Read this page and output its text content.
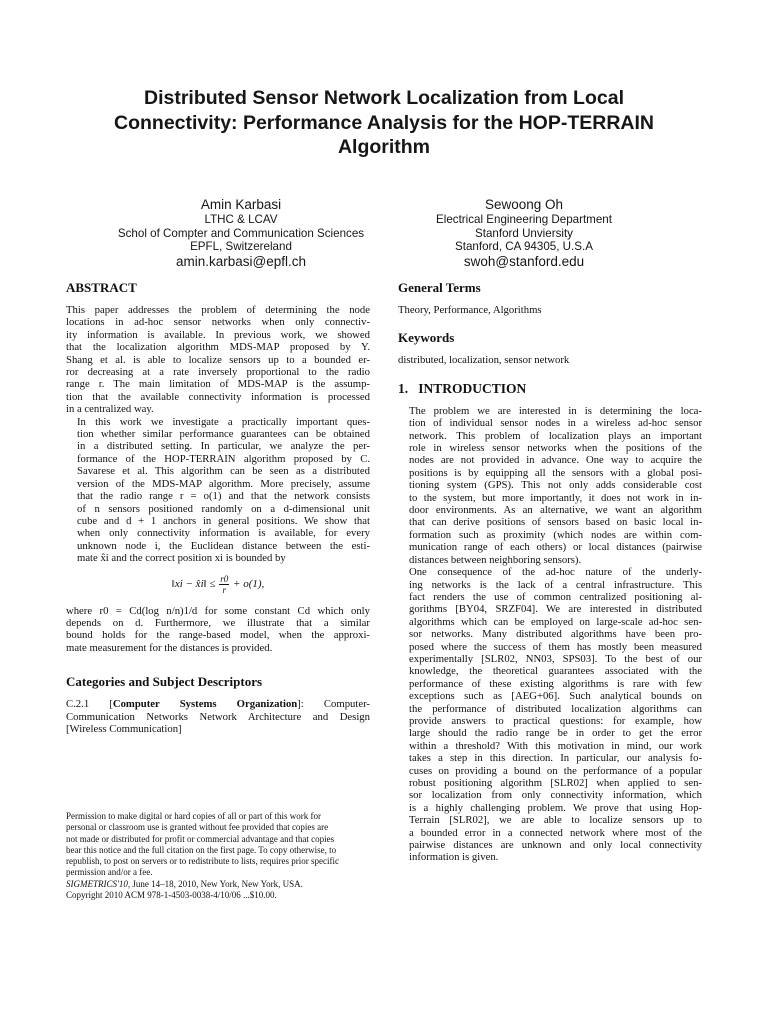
Distributed Sensor Network Localization from Local
Connectivity: Performance Analysis for the HOP-TERRAIN
Algorithm
Amin Karbasi
LTHC & LCAV
Schol of Compter and Communication Sciences
EPFL, Switzereland
amin.karbasi@epfl.ch
Sewoong Oh
Electrical Engineering Department
Stanford Unviersity
Stanford, CA 94305, U.S.A
swoh@stanford.edu
ABSTRACT

This paper addresses the problem of determining the node
locations in ad-hoc sensor networks when only connectiv-
ity information is available. In previous work, we showed
that the localization algorithm MDS-MAP proposed by Y.
Shang et al. is able to localize sensors up to a bounded er-
ror decreasing at a rate inversely proportional to the radio
range r. The main limitation of MDS-MAP is the assump-
tion that the available connectivity information is processed
in a centralized way.

In this work we investigate a practically important ques-
tion whether similar performance guarantees can be obtained
in a distributed setting. In particular, we analyze the per-
formance of the HOP-TERRAIN algorithm proposed by C.
Savarese et al. This algorithm can be seen as a distributed
version of the MDS-MAP algorithm. More precisely, assume
that the radio range r = o(1) and that the network consists
of n sensors positioned randomly on a d-dimensional unit
cube and d + 1 anchors in general positions. We show that
when only connectivity information is available, for every
unknown node i, the Euclidean distance between the esti-
mate x̂i and the correct position xi is bounded by

‖xi − x̂i‖ ≤ $\frac{r0}{r} + o(1)$,

where r0 = Cd(log n/n)1/d for some constant Cd which only
depends on d. Furthermore, we illustrate that a similar
bound holds for the range-based model, when the approxi-
mate measurement for the distances is provided.

Categories and Subject Descriptors
C.2.1 [Computer Systems Organization]: Computer-
Communication Networks Network Architecture and Design
[Wireless Communication]
Permission to make digital or hard copies of all or part of this work for
personal or classroom use is granted without fee provided that copies are
not made or distributed for profit or commercial advantage and that copies
bear this notice and the full citation on the first page. To copy otherwise, to
republish, to post on servers or to redistribute to lists, requires prior specific
permission and/or a fee.
SIGMETRICS'10, June 14–18, 2010, New York, New York, USA.
Copyright 2010 ACM 978-1-4503-0038-4/10/06 ...$10.00.
General Terms
Theory, Performance, Algorithms
Keywords
distributed, localization, sensor network
1.   INTRODUCTION

The problem we are interested in is determining the loca-
tion of individual sensor nodes in a wireless ad-hoc sensor
network. This problem of localization plays an important
role in wireless sensor networks when the positions of the
nodes are not provided in advance. One way to acquire the
positions is by equipping all the sensors with a global posi-
tioning system (GPS). This not only adds considerable cost
to the system, but more importantly, it does not work in in-
door environments. As an alternative, we want an algorithm
that can derive positions of sensors based on basic local in-
formation such as proximity (which nodes are within com-
munication range of each others) or local distances (pairwise
distances between neighboring sensors).

One consequence of the ad-hoc nature of the underly-
ing networks is the lack of a central infrastructure. This
fact renders the use of common centralized positioning al-
gorithms [BY04, SRZF04]. We are interested in distributed
algorithms which can be employed on large-scale ad-hoc sen-
sor networks. Many distributed algorithms have been pro-
posed where the success of them has mostly been measured
experimentally [SLR02, NN03, SPS03]. To the best of our
knowledge, the theoretical guarantees associated with the
performance of these existing algorithms is rare with few
exceptions such as [AEG+06]. Such analytical bounds on
the performance of distributed localization algorithms can
provide answers to practical questions: for example, how
large should the radio range be in order to get the error
within a threshold? With this motivation in mind, our work
takes a step in this direction. In particular, our analysis fo-
cuses on providing a bound on the performance of a popular
robust positioning algorithm [SLR02] when applied to sen-
sor localization from only connectivity information, which
is a highly challenging problem. We prove that using Hop-
Terrain [SLR02], we are able to localize sensors up to
a bounded error in a connected network where most of the
pairwise distances are unknown and only local connectivity
information is given.
